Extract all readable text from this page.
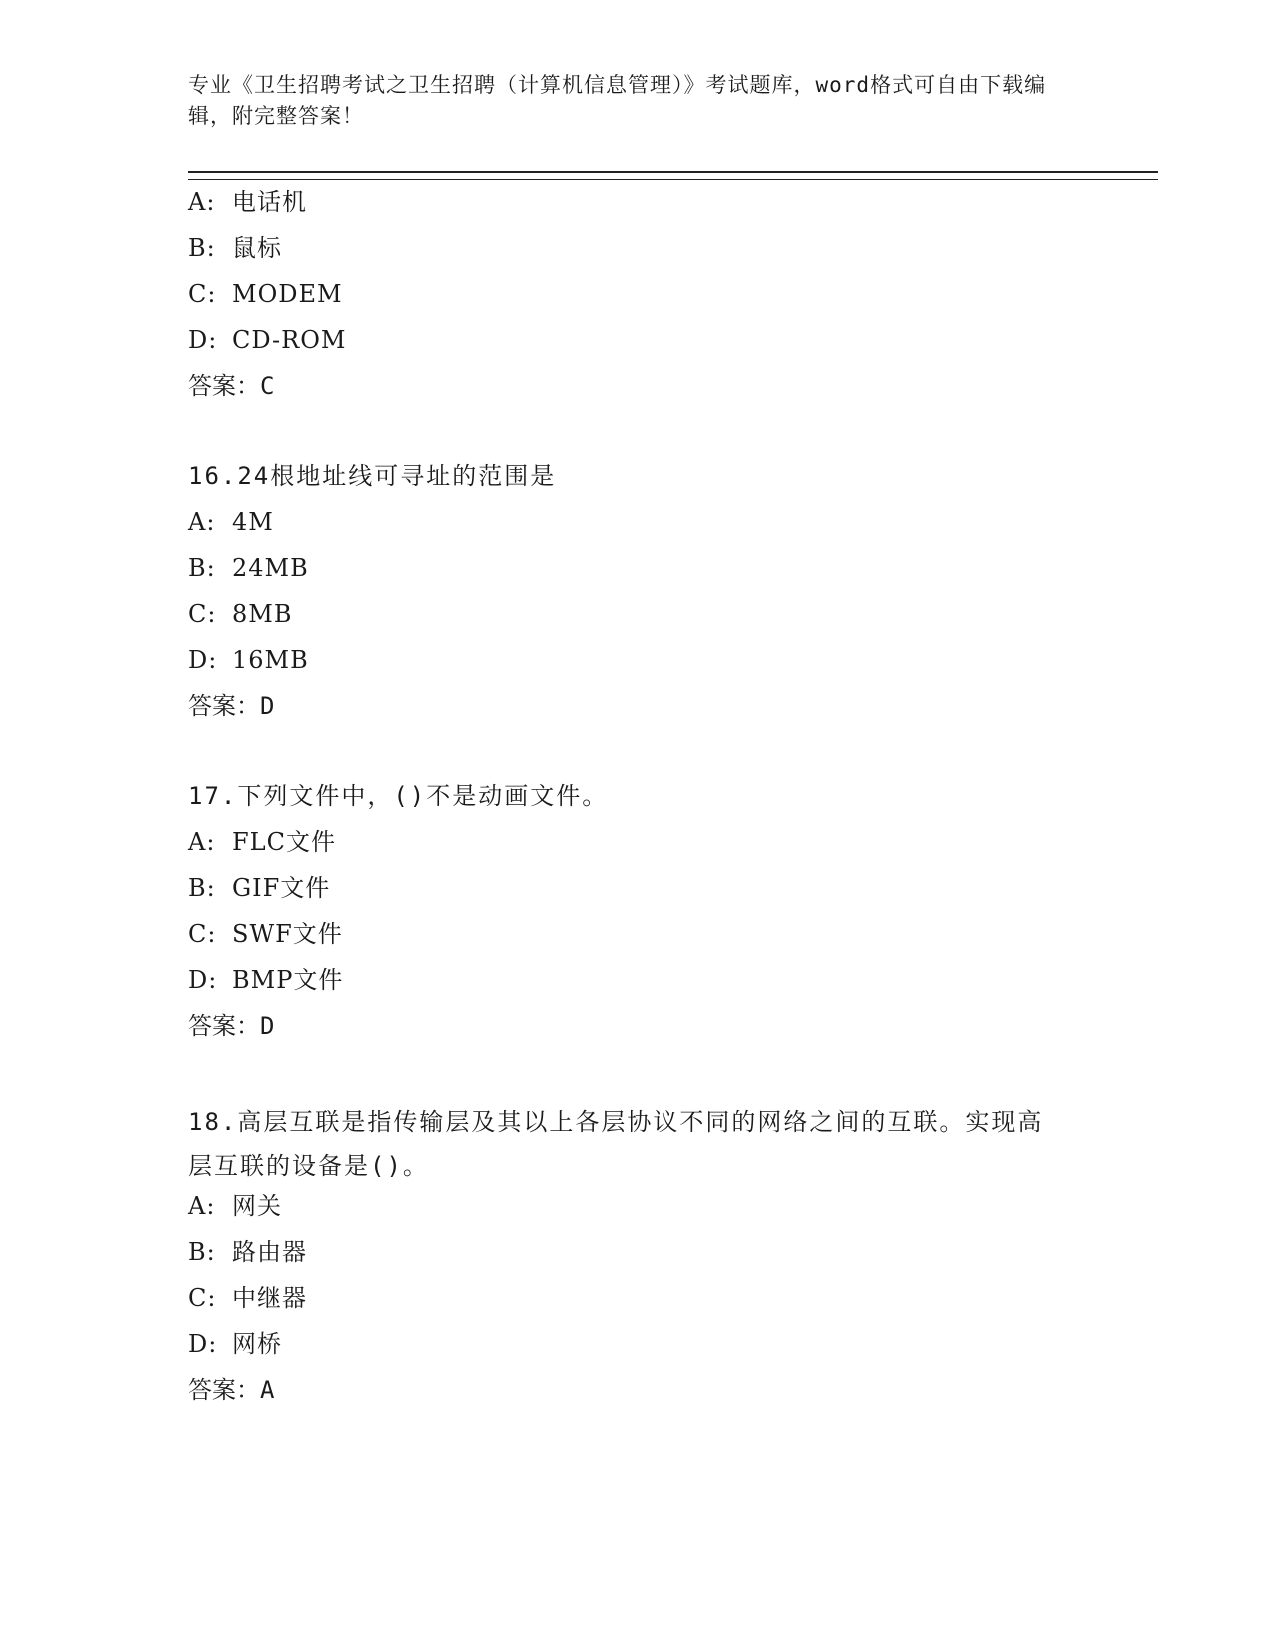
专业《卫生招聘考试之卫生招聘（计算机信息管理）》考试题库，word格式可自由下载编辑，附完整答案！

A: 电话机
B: 鼠标
C: MODEM
D: CD-ROM
答案：C

16.24根地址线可寻址的范围是

A: 4M
B: 24MB
C: 8MB
D: 16MB
答案：D

17.下列文件中，()不是动画文件。

A: FLC文件
B: GIF文件
C: SWF文件
D: BMP文件
答案：D

18.高层互联是指传输层及其以上各层协议不同的网络之间的互联。实现高层互联的设备是()。

A: 网关
B: 路由器
C: 中继器
D: 网桥
答案：A
